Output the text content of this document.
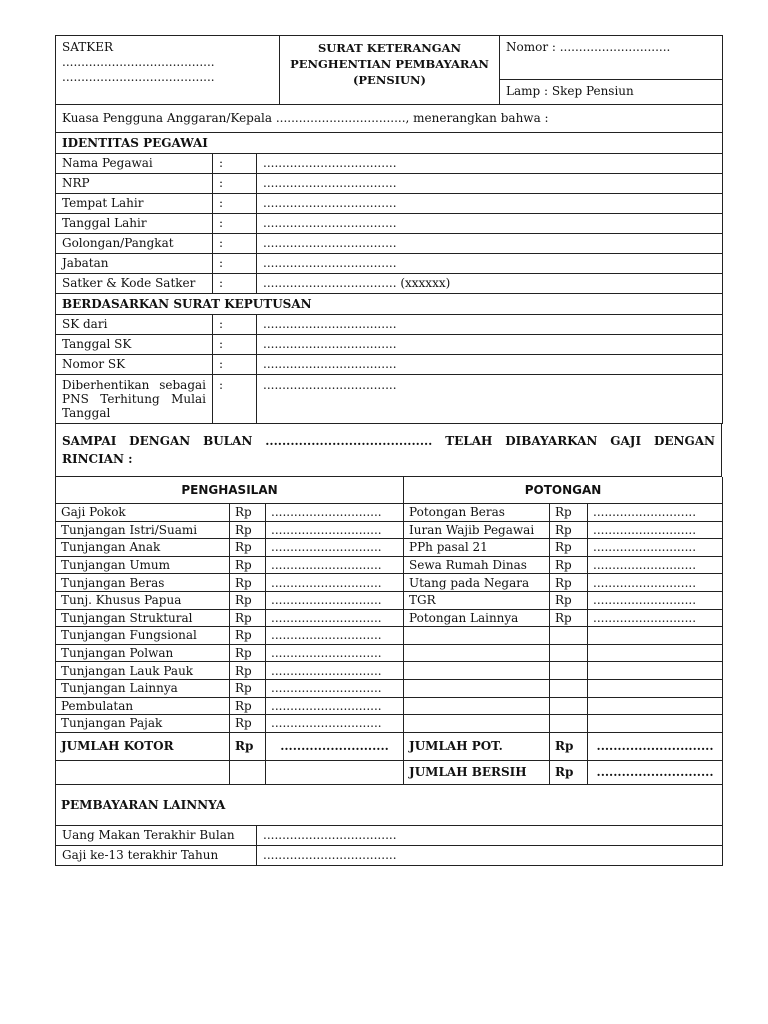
SATKER
........................................
........................................

SURAT KETERANGAN
PENGHENTIAN PEMBAYARAN
(PENSIUN)
	Nomor : .............................
Lamp : Skep Pensiun
Kuasa Pengguna Anggaran/Kepala .................................., menerangkan bahwa :		
IDENTITAS PEGAWAI		
Nama Pegawai	:	...................................
NRP	:	...................................
Tempat Lahir	:	...................................
Tanggal Lahir	:	...................................
Golongan/Pangkat	:	...................................
Jabatan	:	...................................
Satker & Kode Satker	:	................................... (xxxxxx)
BERDASARKAN SURAT KEPUTUSAN		
SK dari	:	...................................
Tanggal SK	:	...................................
Nomor SK	:	...................................

Diberhentikan sebagai
PNS Terhitung Mulai
Tanggal	:	...................................
SAMPAI DENGAN BULAN ........................................ TELAH DIBAYARKAN GAJI DENGAN
RINCIAN :
PENGHASILAN			POTONGAN		
Gaji Pokok	Rp	.............................	Potongan Beras	Rp	...........................
Tunjangan Istri/Suami	Rp	.............................	Iuran Wajib Pegawai	Rp	...........................
Tunjangan Anak	Rp	.............................	PPh pasal 21	Rp	...........................
Tunjangan Umum	Rp	.............................	Sewa Rumah Dinas	Rp	...........................
Tunjangan Beras	Rp	.............................	Utang pada Negara	Rp	...........................
Tunj. Khusus Papua	Rp	.............................	TGR	Rp	...........................
Tunjangan Struktural	Rp	.............................	Potongan Lainnya	Rp	...........................
Tunjangan Fungsional	Rp	.............................			
Tunjangan Polwan	Rp	.............................			
Tunjangan Lauk Pauk	Rp	.............................			
Tunjangan Lainnya	Rp	.............................			
Pembulatan	Rp	.............................			
Tunjangan Pajak	Rp	.............................			
JUMLAH KOTOR	Rp	..........................	JUMLAH POT.	Rp	............................
			JUMLAH BERSIH	Rp	............................
PEMBAYARAN LAINNYA					
Uang Makan Terakhir Bulan	...................................
Gaji ke-13 terakhir Tahun	...................................
